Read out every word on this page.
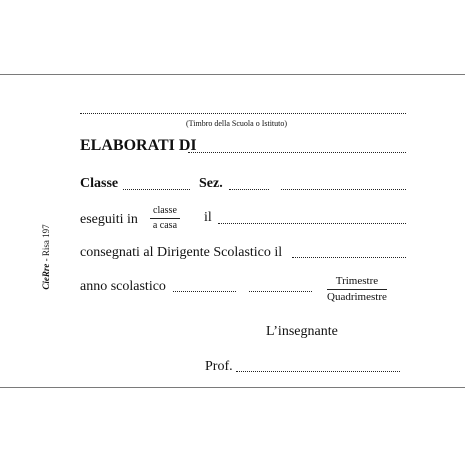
CieRre - Risa 197
(Timbro della Scuola o Istituto)
ELABORATI DI
Classe	Sez.
eseguiti in
classe
a casa
il
consegnati al Dirigente Scolastico il
anno scolastico	Trimestre
Quadrimestre
L’insegnante
Prof.
